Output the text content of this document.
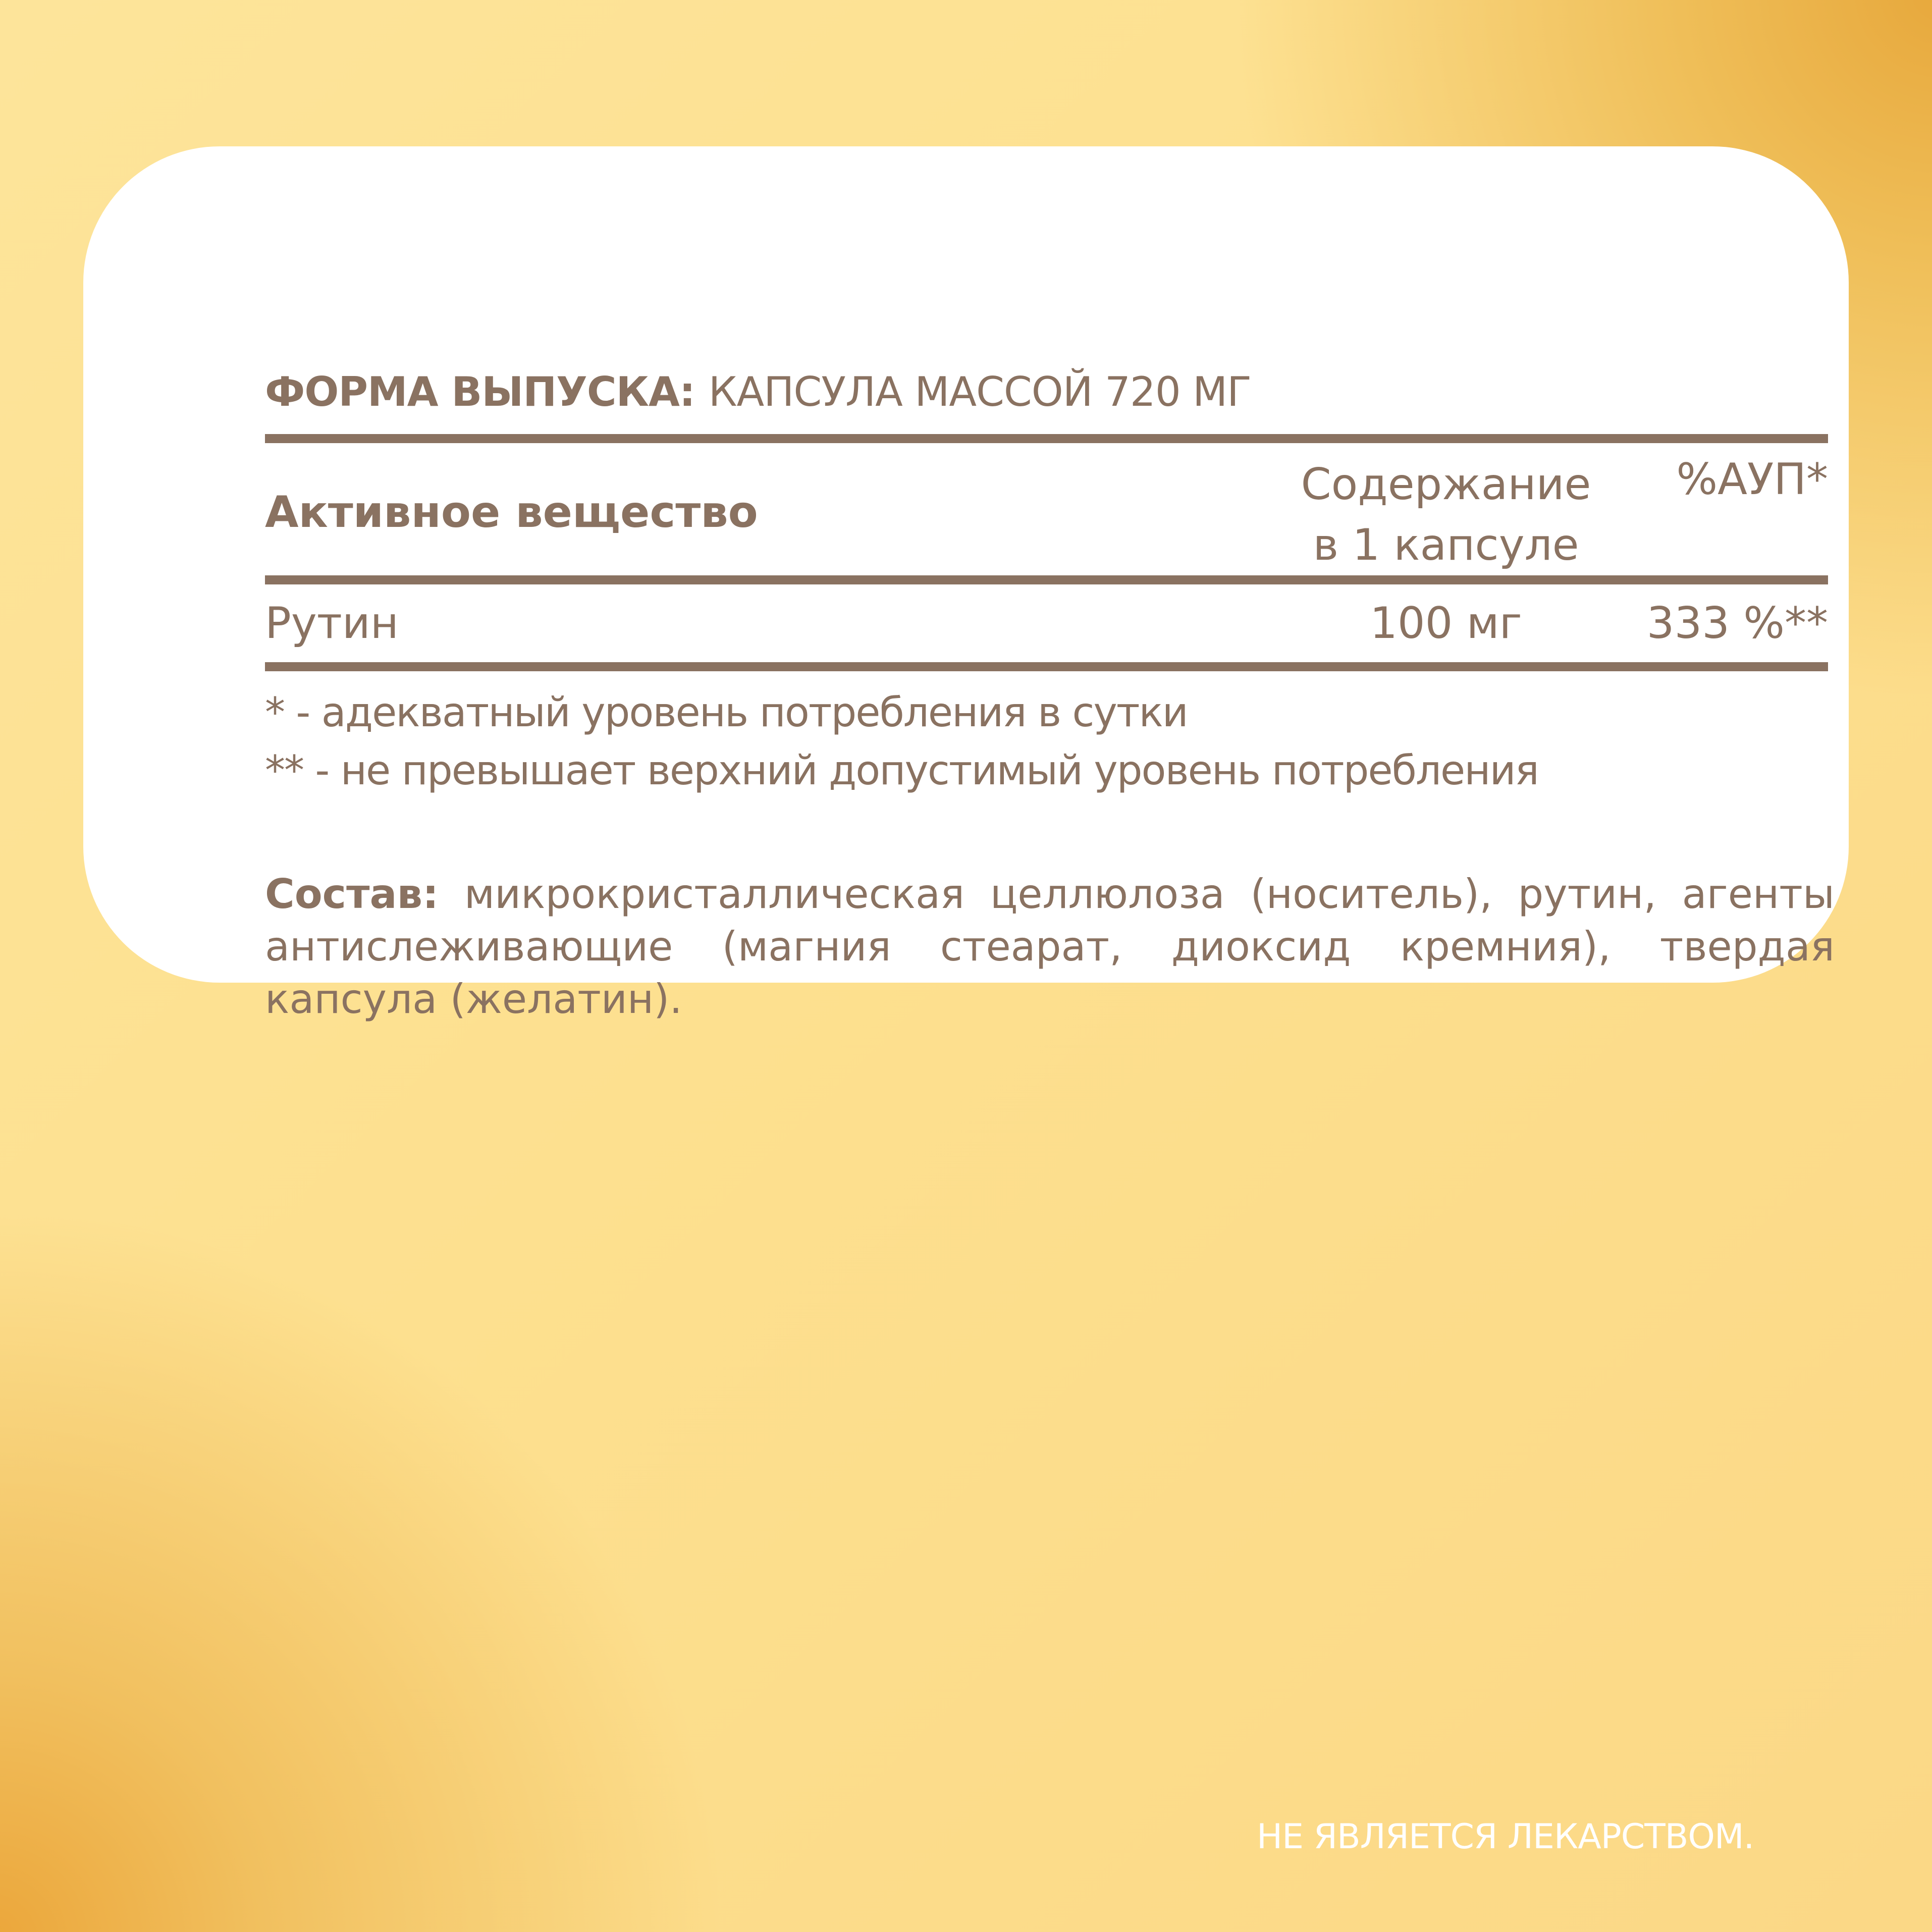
ФОРМА ВЫПУСКА: КАПСУЛА МАССОЙ 720 МГ
Активное вещество
Содержание
в 1 капсуле
%АУП*
Рутин	100 мг	333 %**
* - адекватный уровень потребления в сутки
** - не превышает верхний допустимый уровень потребления
Состав: микрокристаллическая целлюлоза (носитель), рутин, агенты антислеживающие (магния стеарат, диоксид кремния), твердая капсула (желатин).
НЕ ЯВЛЯЕТСЯ ЛЕКАРСТВОМ.
